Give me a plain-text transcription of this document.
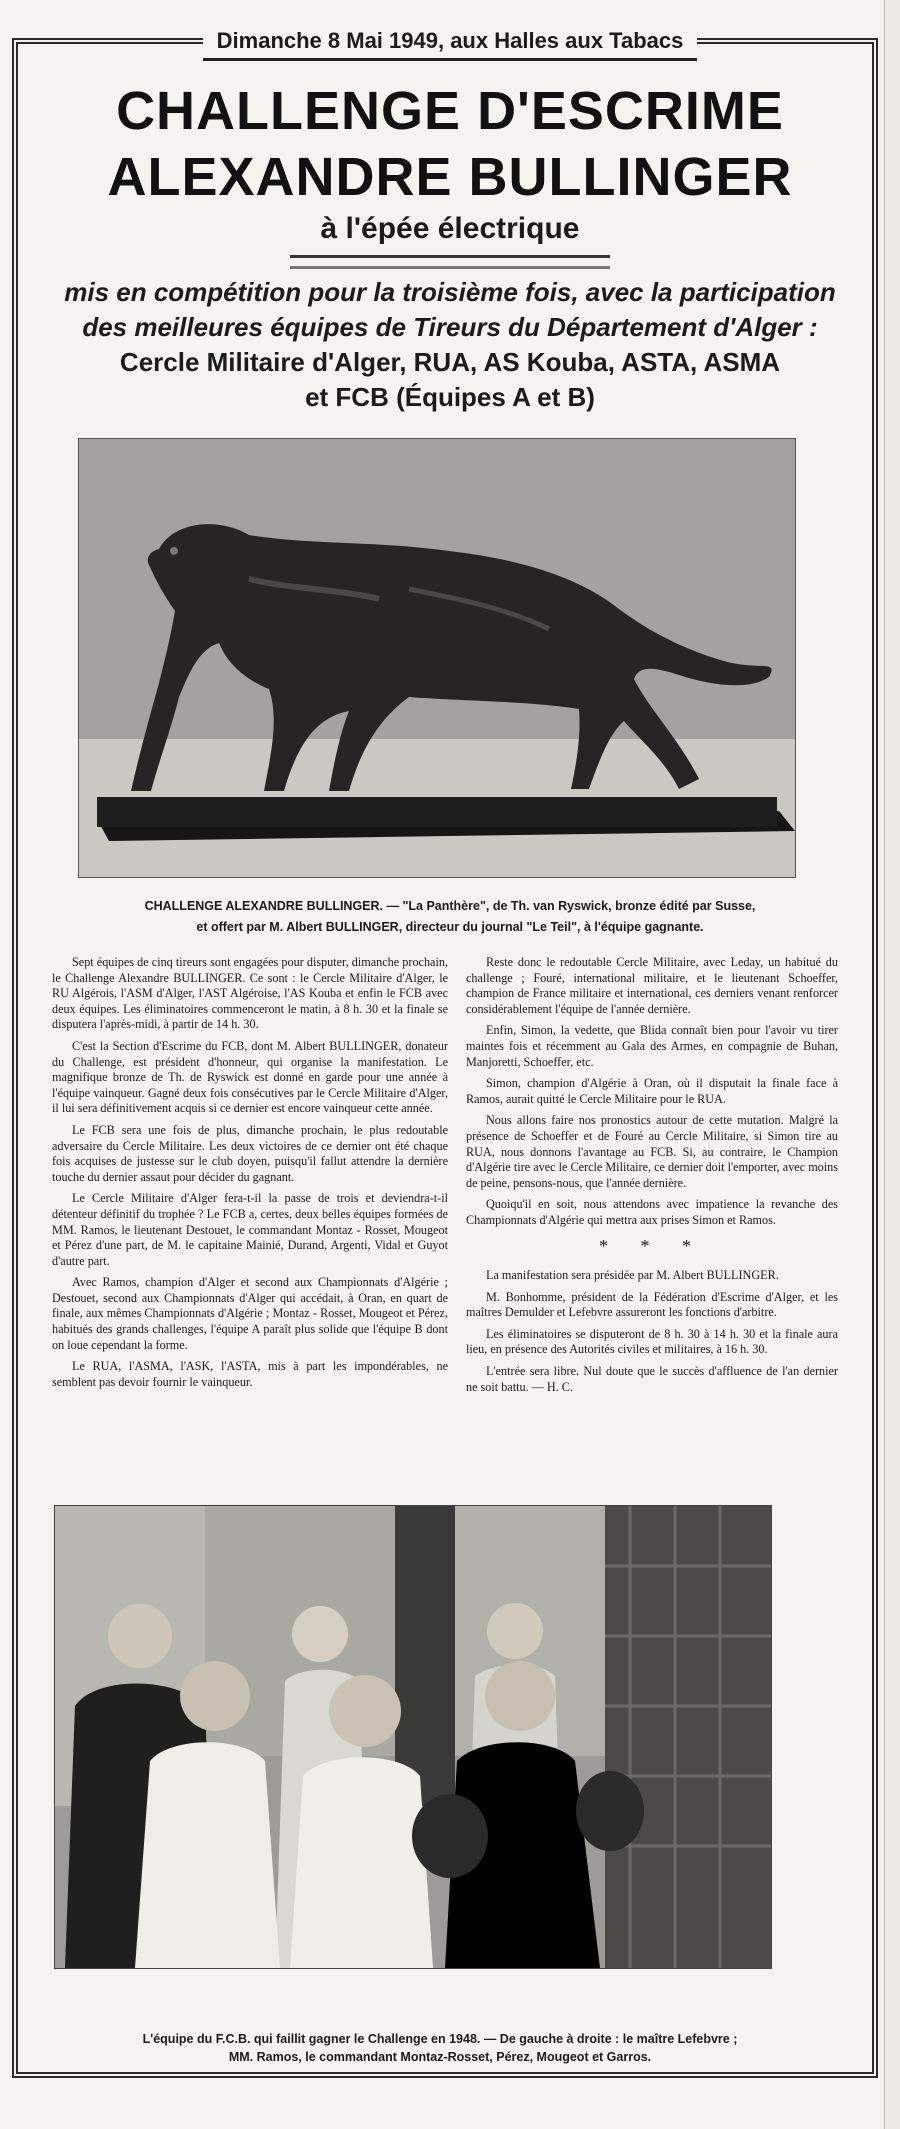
Dimanche 8 Mai 1949, aux Halles aux Tabacs
CHALLENGE D'ESCRIME
ALEXANDRE BULLINGER
à l'épée électrique
mis en compétition pour la troisième fois, avec la participation
des meilleures équipes de Tireurs du Département d'Alger :
Cercle Militaire d'Alger, RUA, AS Kouba, ASTA, ASMA
et FCB (Équipes A et B)
CHALLENGE ALEXANDRE BULLINGER. — "La Panthère", de Th. van Ryswick, bronze édité par Susse,
et offert par M. Albert BULLINGER, directeur du journal "Le Teil", à l'équipe gagnante.

Sept équipes de cinq tireurs sont engagées pour disputer, dimanche prochain, le Challenge Alexandre BULLINGER. Ce sont : le Cercle Militaire d'Alger, le RU Algérois, l'ASM d'Alger, l'AST Algéroise, l'AS Kouba et enfin le FCB avec deux équipes. Les éliminatoires commenceront le matin, à 8 h. 30 et la finale se disputera l'après-midi, à partir de 14 h. 30.

C'est la Section d'Escrime du FCB, dont M. Albert BULLINGER, donateur du Challenge, est président d'honneur, qui organise la manifestation. Le magnifique bronze de Th. de Ryswick est donné en garde pour une année à l'équipe vainqueur. Gagné deux fois consécutives par le Cercle Militaire d'Alger, il lui sera définitivement acquis si ce dernier est encore vainqueur cette année.

Le FCB sera une fois de plus, dimanche prochain, le plus redoutable adversaire du Cercle Militaire. Les deux victoires de ce dernier ont été chaque fois acquises de justesse sur le club doyen, puisqu'il fallut attendre la dernière touche du dernier assaut pour décider du gagnant.

Le Cercle Militaire d'Alger fera-t-il la passe de trois et deviendra-t-il détenteur définitif du trophée ? Le FCB a, certes, deux belles équipes formées de MM. Ramos, le lieutenant Destouet, le commandant Montaz - Rosset, Mougeot et Pérez d'une part, de M. le capitaine Mainié, Durand, Argenti, Vidal et Guyot d'autre part.

Avec Ramos, champion d'Alger et second aux Championnats d'Algérie ; Destouet, second aux Championnats d'Alger qui accédait, à Oran, en quart de finale, aux mêmes Championnats d'Algérie ; Montaz - Rosset, Mougeot et Pérez, habitués des grands challenges, l'équipe A paraît plus solide que l'équipe B dont on loue cependant la forme.

Le RUA, l'ASMA, l'ASK, l'ASTA, mis à part les impondérables, ne semblent pas devoir fournir le vainqueur.

Reste donc le redoutable Cercle Militaire, avec Leday, un habitué du challenge ; Fouré, international militaire, et le lieutenant Schoeffer, champion de France militaire et international, ces derniers venant renforcer considérablement l'équipe de l'année dernière.

Enfin, Simon, la vedette, que Blida connaît bien pour l'avoir vu tirer maintes fois et récemment au Gala des Armes, en compagnie de Buhan, Manjoretti, Schoeffer, etc.

Simon, champion d'Algérie à Oran, où il disputait la finale face à Ramos, aurait quitté le Cercle Militaire pour le RUA.

Nous allons faire nos pronostics autour de cette mutation. Malgré la présence de Schoeffer et de Fouré au Cercle Militaire, si Simon tire au RUA, nous donnons l'avantage au FCB. Si, au contraire, le Champion d'Algérie tire avec le Cercle Militaire, ce dernier doit l'emporter, avec moins de peine, pensons-nous, que l'année dernière.

Quoiqu'il en soit, nous attendons avec impatience la revanche des Championnats d'Algérie qui mettra aux prises Simon et Ramos.

* * *

La manifestation sera présidée par M. Albert BULLINGER.

M. Bonhomme, président de la Fédération d'Escrime d'Alger, et les maîtres Demulder et Lefebvre assureront les fonctions d'arbitre.

Les éliminatoires se disputeront de 8 h. 30 à 14 h. 30 et la finale aura lieu, en présence des Autorités civiles et militaires, à 16 h. 30.

L'entrée sera libre. Nul doute que le succès d'affluence de l'an dernier ne soit battu. — H. C.

L'équipe du F.C.B. qui faillit gagner le Challenge en 1948. — De gauche à droite : le maître Lefebvre ;
MM. Ramos, le commandant Montaz-Rosset, Pérez, Mougeot et Garros.
